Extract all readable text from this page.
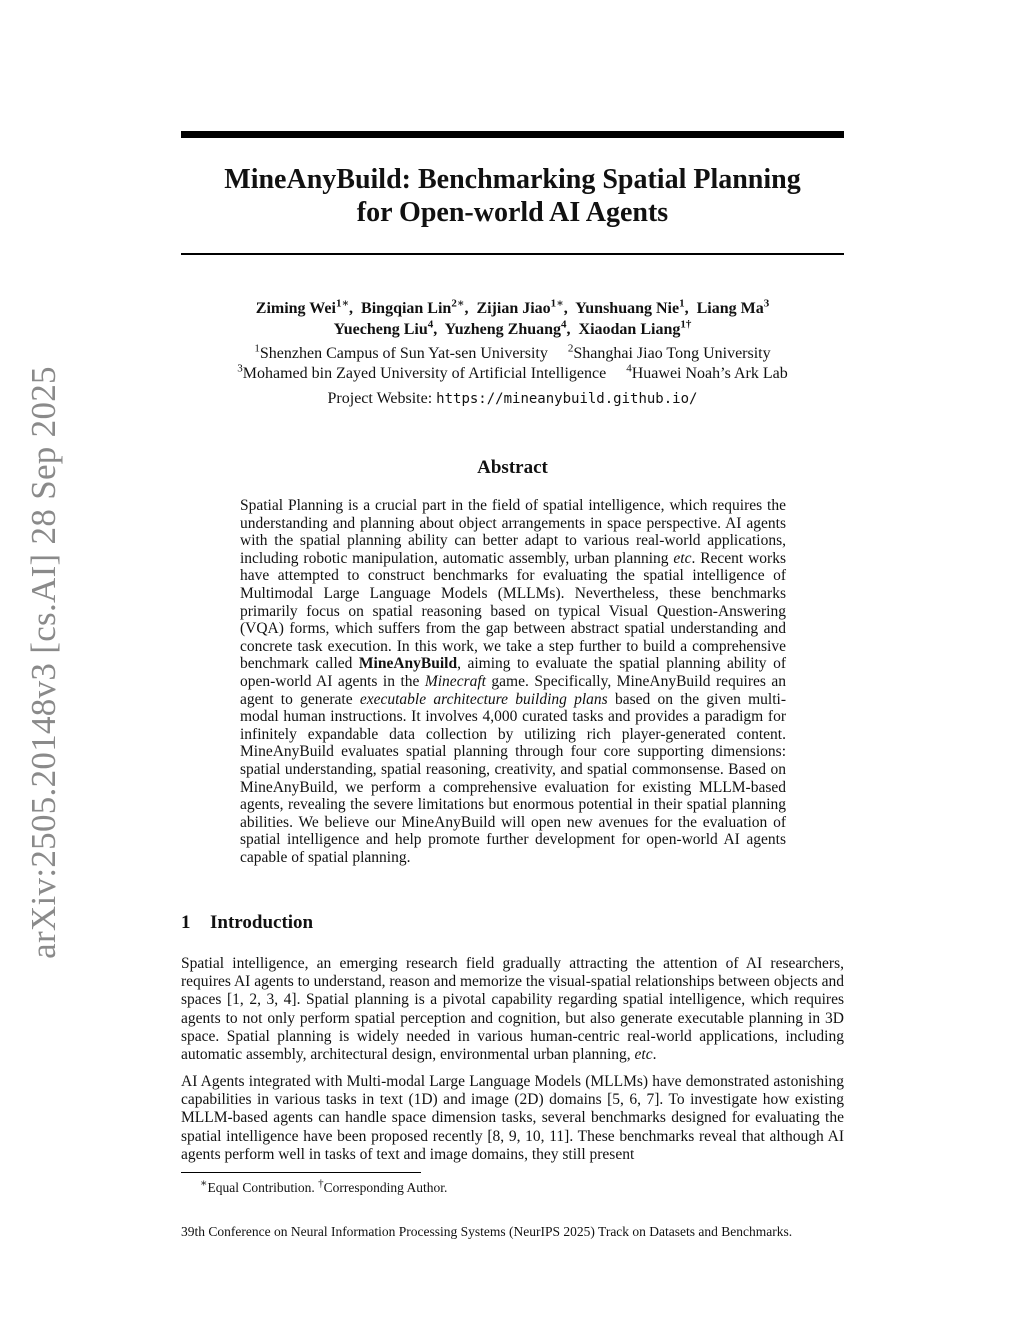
arXiv:2505.20148v3 [cs.AI] 28 Sep 2025
MineAnyBuild: Benchmarking Spatial Planning
for Open-world AI Agents
Ziming Wei$^{1∗}$,  Bingqian Lin$^{2∗}$,  Zijian Jiao$^{1∗}$,  Yunshuang Nie$^1$,  Liang Ma$^3$
Yuecheng Liu$^4$,  Yuzheng Zhuang$^4$,  Xiaodan Liang$^{1\dagger}$
$^1$Shenzhen Campus of Sun Yat-sen University $^2$Shanghai Jiao Tong University
$^3$Mohamed bin Zayed University of Artificial Intelligence $^4$Huawei Noah’s Ark Lab
Project Website: https://mineanybuild.github.io/
Abstract

Spatial Planning is a crucial part in the field of spatial intelligence, which requires the understanding and planning about object arrangements in space perspective. AI agents with the spatial planning ability can better adapt to various real-world applications, including robotic manipulation, automatic assembly, urban planning etc. Recent works have attempted to construct benchmarks for evaluating the spatial intelligence of Multimodal Large Language Models (MLLMs). Nevertheless, these benchmarks primarily focus on spatial reasoning based on typical Visual Question-Answering (VQA) forms, which suffers from the gap between abstract spatial understanding and concrete task execution. In this work, we take a step further to build a comprehensive benchmark called MineAnyBuild, aiming to evaluate the spatial planning ability of open-world AI agents in the Minecraft game. Specifically, MineAnyBuild requires an agent to generate executable architecture building plans based on the given multi-modal human instructions. It involves 4,000 curated tasks and provides a paradigm for infinitely expandable data collection by utilizing rich player-generated content. MineAnyBuild evaluates spatial planning through four core supporting dimensions: spatial understanding, spatial reasoning, creativity, and spatial commonsense. Based on MineAnyBuild, we perform a comprehensive evaluation for existing MLLM-based agents, revealing the severe limitations but enormous potential in their spatial planning abilities. We believe our MineAnyBuild will open new avenues for the evaluation of spatial intelligence and help promote further development for open-world AI agents capable of spatial planning.

1 Introduction

Spatial intelligence, an emerging research field gradually attracting the attention of AI researchers, requires AI agents to understand, reason and memorize the visual-spatial relationships between objects and spaces [1, 2, 3, 4]. Spatial planning is a pivotal capability regarding spatial intelligence, which requires agents to not only perform spatial perception and cognition, but also generate executable planning in 3D space. Spatial planning is widely needed in various human-centric real-world applications, including automatic assembly, architectural design, environmental urban planning, etc.

AI Agents integrated with Multi-modal Large Language Models (MLLMs) have demonstrated astonishing capabilities in various tasks in text (1D) and image (2D) domains [5, 6, 7]. To investigate how existing MLLM-based agents can handle space dimension tasks, several benchmarks designed for evaluating the spatial intelligence have been proposed recently [8, 9, 10, 11]. These benchmarks reveal that although AI agents perform well in tasks of text and image domains, they still present

∗Equal Contribution. †Corresponding Author.
39th Conference on Neural Information Processing Systems (NeurIPS 2025) Track on Datasets and Benchmarks.
